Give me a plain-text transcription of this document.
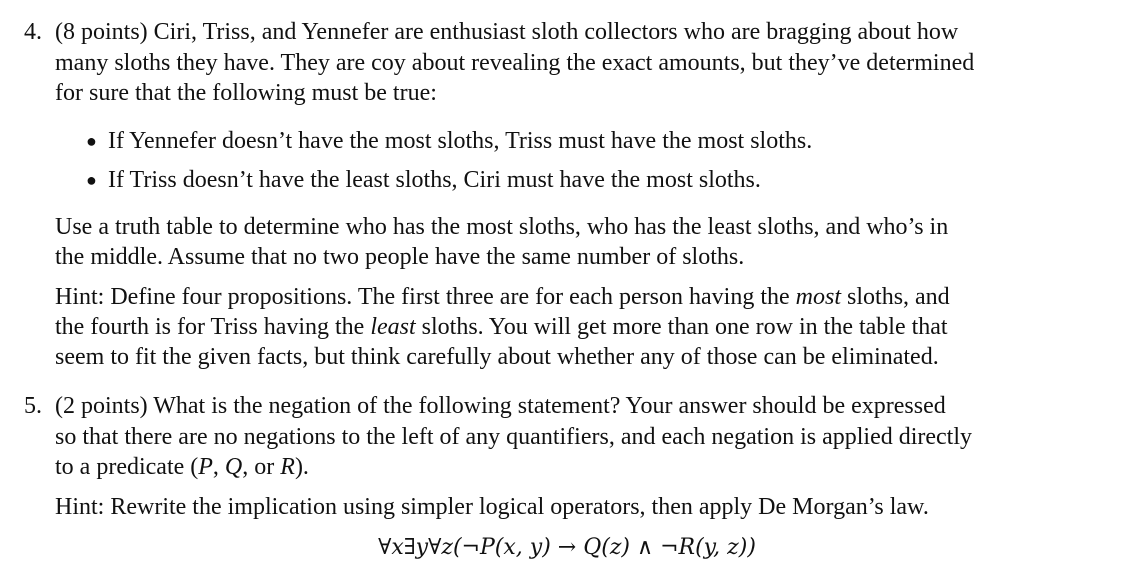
4. (8 points) Ciri, Triss, and Yennefer are enthusiast sloth collectors who are bragging about how
many sloths they have. They are coy about revealing the exact amounts, but they’ve determined
for sure that the following must be true:
● If Yennefer doesn’t have the most sloths, Triss must have the most sloths.
● If Triss doesn’t have the least sloths, Ciri must have the most sloths.
Use a truth table to determine who has the most sloths, who has the least sloths, and who’s in
the middle. Assume that no two people have the same number of sloths.
Hint: Define four propositions. The first three are for each person having the most sloths, and
the fourth is for Triss having the least sloths. You will get more than one row in the table that
seem to fit the given facts, but think carefully about whether any of those can be eliminated.
5. (2 points) What is the negation of the following statement? Your answer should be expressed
so that there are no negations to the left of any quantifiers, and each negation is applied directly
to a predicate (P, Q, or R).
Hint: Rewrite the implication using simpler logical operators, then apply De Morgan’s law.
∀x∃y∀z(¬P(x, y) → Q(z) ∧ ¬R(y, z))
